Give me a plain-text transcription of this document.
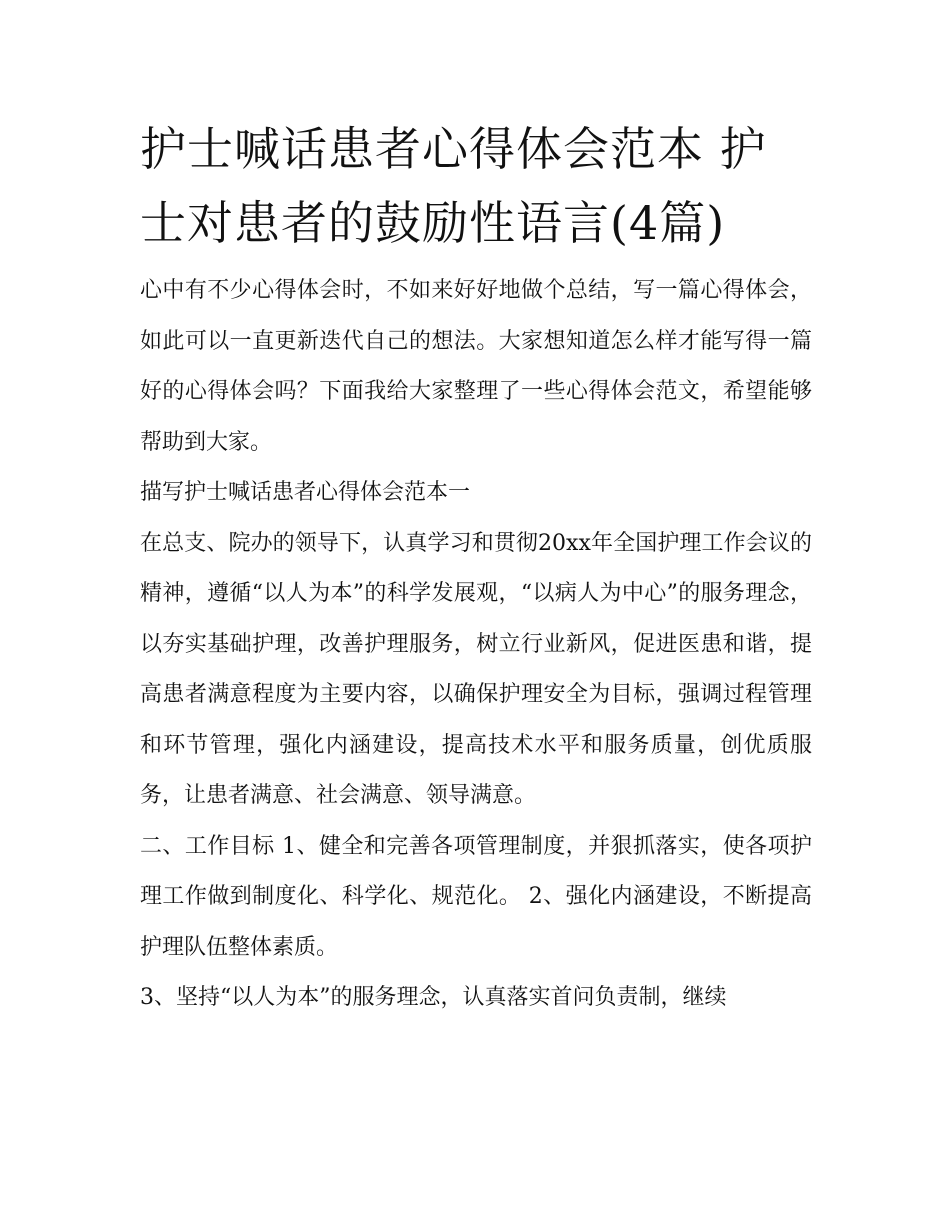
护士喊话患者心得体会范本 护士对患者的鼓励性语言(4篇)

心中有不少心得体会时，不如来好好地做个总结，写一篇心得体会，如此可以一直更新迭代自己的想法。大家想知道怎么样才能写得一篇好的心得体会吗？下面我给大家整理了一些心得体会范文，希望能够帮助到大家。

描写护士喊话患者心得体会范本一

在总支、院办的领导下，认真学习和贯彻20xx年全国护理工作会议的精神，遵循“以人为本”的科学发展观，“以病人为中心”的服务理念，以夯实基础护理，改善护理服务，树立行业新风，促进医患和谐，提高患者满意程度为主要内容，以确保护理安全为目标，强调过程管理和环节管理，强化内涵建设，提高技术水平和服务质量，创优质服务，让患者满意、社会满意、领导满意。

二、工作目标 1、健全和完善各项管理制度，并狠抓落实，使各项护理工作做到制度化、科学化、规范化。 2、强化内涵建设，不断提高护理队伍整体素质。

3、坚持“以人为本”的服务理念，认真落实首问负责制，继续
